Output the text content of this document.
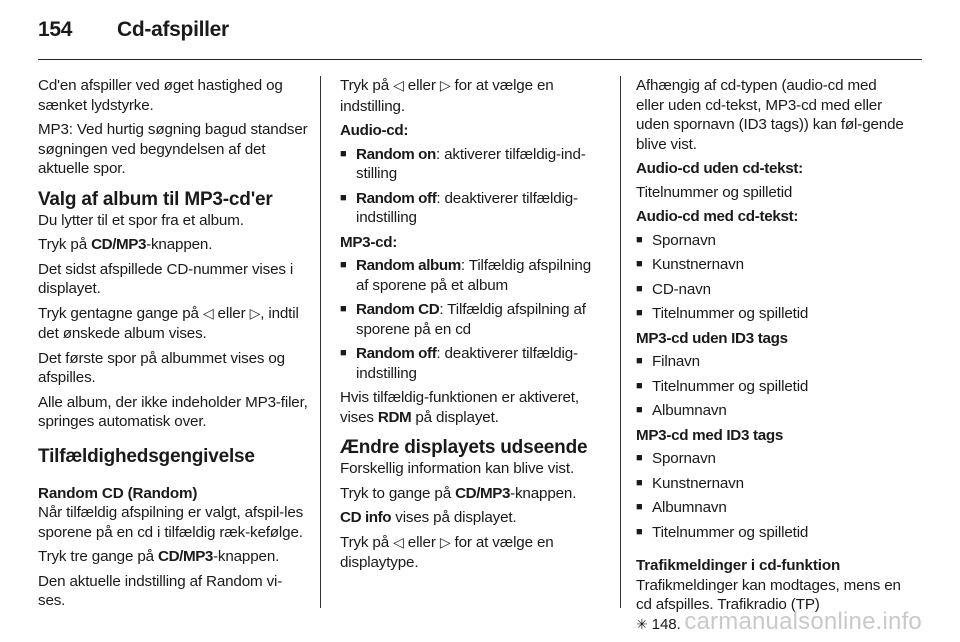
154 Cd-afspiller

Cd'en afspiller ved øget hastighed og sænket lydstyrke.

MP3: Ved hurtig søgning bagud standser søgningen ved begyndelsen af det aktuelle spor.

Valg af album til MP3-cd'er

Du lytter til et spor fra et album.

Tryk på CD/MP3-knappen.

Det sidst afspillede CD-nummer vises i displayet.

Tryk gentagne gange på ◁ eller ▷, indtil det ønskede album vises.

Det første spor på albummet vises og afspilles.

Alle album, der ikke indeholder MP3-filer, springes automatisk over.

Tilfældighedsgengivelse
Random CD (Random)

Når tilfældig afspilning er valgt, afspil-les sporene på en cd i tilfældig ræk-kefølge.

Tryk tre gange på CD/MP3-knappen.

Den aktuelle indstilling af Random vi-ses.

Tryk på ◁ eller ▷ for at vælge en indstilling.

Audio-cd:
■ Random on: aktiverer tilfældig-ind-stilling
■ Random off: deaktiverer tilfældig-indstilling
MP3-cd:
■ Random album: Tilfældig afspilning af sporene på et album
■ Random CD: Tilfældig afspilning af sporene på en cd
■ Random off: deaktiverer tilfældig-indstilling

Hvis tilfældig-funktionen er aktiveret, vises RDM på displayet.

Ændre displayets udseende

Forskellig information kan blive vist.

Tryk to gange på CD/MP3-knappen.

CD info vises på displayet.

Tryk på ◁ eller ▷ for at vælge en displaytype.

Afhængig af cd-typen (audio-cd med eller uden cd-tekst, MP3-cd med eller uden spornavn (ID3 tags)) kan føl-gende blive vist.

Audio-cd uden cd-tekst:

Titelnummer og spilletid

Audio-cd med cd-tekst:
■ Spornavn
■ Kunstnernavn
■ CD-navn
■ Titelnummer og spilletid
MP3-cd uden ID3 tags
■ Filnavn
■ Titelnummer og spilletid
■ Albumnavn
MP3-cd med ID3 tags
■ Spornavn
■ Kunstnernavn
■ Albumnavn
■ Titelnummer og spilletid
Trafikmeldinger i cd-funktion

Trafikmeldinger kan modtages, mens en cd afspilles. Trafikradio (TP)

✳ 148. carmanualsonline.info
